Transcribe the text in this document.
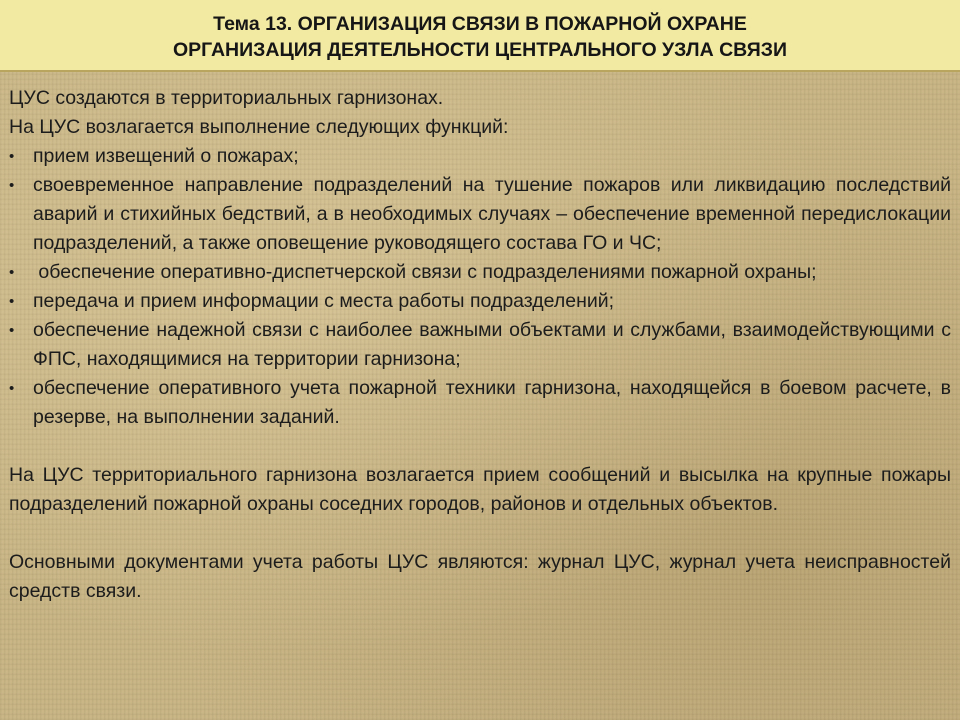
Тема 13. ОРГАНИЗАЦИЯ СВЯЗИ В ПОЖАРНОЙ ОХРАНЕ
ОРГАНИЗАЦИЯ ДЕЯТЕЛЬНОСТИ ЦЕНТРАЛЬНОГО УЗЛА СВЯЗИ

ЦУС создаются в территориальных гарнизонах.

На ЦУС возлагается выполнение следующих функций:

• прием извещений о пожарах;
• своевременное направление подразделений на тушение пожаров или ликвидацию последствий аварий и стихийных бедствий, а в необходимых случаях – обеспечение временной передислокации подразделений, а также оповещение руководящего состава ГО и ЧС;
• обеспечение оперативно-диспетчерской связи с подразделениями пожарной охраны;
• передача и прием информации с места работы подразделений;
• обеспечение надежной связи с наиболее важными объектами и службами, взаимодействующими с ФПС, находящимися на территории гарнизона;
• обеспечение оперативного учета пожарной техники гарнизона, находящейся в боевом расчете, в резерве, на выполнении заданий.

На ЦУС территориального гарнизона возлагается прием сообщений и высылка на крупные пожары подразделений пожарной охраны соседних городов, районов и отдельных объектов.

Основными документами учета работы ЦУС являются: журнал ЦУС, журнал учета неисправностей средств связи.
